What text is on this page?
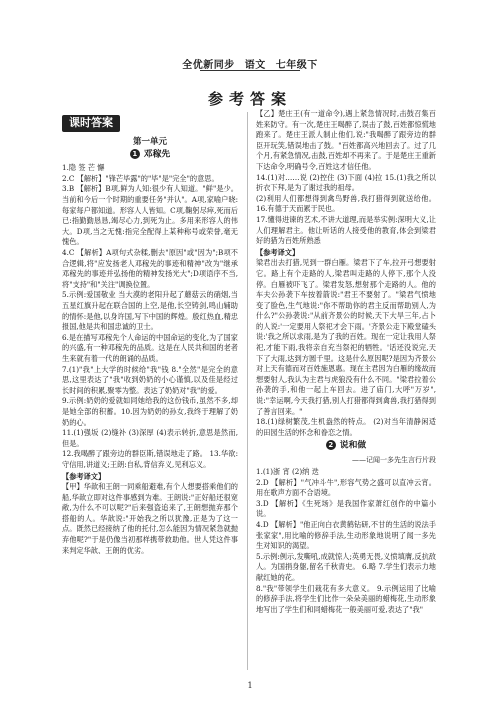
全优新同步 语文 七年级下
参考答案
课时答案
第一单元
1 邓稼先

1.隐 签 芒 懈

2.C 【解析】"锋芒毕露"的"毕"是"完全"的意思。

3.B 【解析】B项,鲜为人知:很少有人知道。"鲜"是少。当前和今后一个时期的重要任务"并认"。A项,家喻户晓:每家每户都知道。形容人人皆知。C项,鞠躬尽瘁,死而后已:指勤勤恳恳,竭尽心力,到死为止。多用来形容人的伟大。D项,当之无愧:指完全配得上某种称号或荣誉,毫无愧色。

4.C 【解析】A项句式杂糅,删去"原因"或"因为";B项不合逻辑,将"应发扬老人邓稼先的事迹和精神"改为"继承邓稼先的事迹并弘扬他的精神发扬光大";D项语序不当,将"支持"和"关注"调换位置。

5.示例:爱国敬业 当大漠的老阳升起了蘑菇云的硝烟,当五星红旗升起在联合国的上空,是他,长空铸剑,鸣山辅助的情怀:是他,以身许国,写下中国的辉煌。殷红热血,精忠报国,他是共和国忠诚的卫士。

6.是在描写邓稼先个人命运的中国命运的变化,为了国家的兴盛,有一种邓稼先的品质。这是在人民共和国的老者生来就有着一代的朗诵的品质。

7.(1)"我"上大学的时候给"我"钱 8."全然"是完全的意思,这里表达了"我"收到奶奶的小心谨慎,以及佳是经过长时间的积累,聚零为整。表达了奶奶对"我"的爱。

9.示例:奶奶的爱就如同她给我的这份钱币,虽然不多,却是她全部的积蓄。10.因为奶奶的孙女,我终于理解了奶奶的心。

11.(1)强坂 (2)缝补 (3)深厚 (4)表示转折,意思是然而,但是。

12.我喝醉了跟旁边的群臣斯,错误地走了路。 13.华欲:守信用,讲道义;王朗:自私,背信弃义,见利忘义。

【参考译文】

【甲】华歆和王朗一同乘船避难,有个人想要搭乘他们的船,华歆立即对这件事感到为难。王朗说:"正好船还很宽敞,为什么不可以呢?"后来强盗追来了,王朗想抛弃那个搭船的人。华歆说:"开始我之所以犹豫,正是为了这一点。既然已经接纳了他的托付,怎么能因为情况紧急就抛弃他呢?"于是仍像当初那样携带救助他。世人凭这件事来判定华歆、王朗的优劣。

【乙】楚庄王(有一道命令),遇上紧急情况时,击鼓召集百姓来防守。有一次,楚庄王喝醉了,误击了鼓,百姓都惊慌地跑来了。楚庄王派人制止他们,说:"我喝醉了跟旁边的群臣开玩笑,错误地击了鼓。"百姓都高兴地回去了。过了几个月,有紧急情况,击鼓,百姓却不再来了。于是楚庄王重新下达命令,明确号令,百姓这才信任他。

14.(1)对……说 (2)控住 (3)下面 (4)拉 15.(1)我之所以折衣下拜,是为了谢过我的祖母。

(2)利用人们都想得到禽鸟野兽,我打猎得到就送给他。16.有德于天而累于民也。

17.懂得进谏的艺术,不讲大道理,而是举实例:深明大义,让人们理解君主。他让听话的人接受他的教育,体会到梁君好的猎为百姓所熟悉

【参考译文】

梁君出去打猎,见到一群白雁。梁君下了车,拉开弓想要射它。路上有个走路的人,梁君叫走路的人停下,那个人没停。白雁被吓飞了。梁君发怒,想射那个走路的人。他的车夫公孙袭下车按着箭说:"君王不要射了。"梁君气愤地变了脸色,生气地说:"你不帮助你的君主反而帮助别人,为什么?"公孙袭说:"从前齐景公的时候,天下大旱三年,占卜的人说:'一定要用人祭祀才会下雨。'齐景公走下殿堂磕头说:'我之所以求雨,是为了我的百姓。现在一定让我用人祭祀,才能下雨,我将亲自充当祭祀的牺牲。'话还没说完,天下了大雨,达到方圆千里。这是什么原因呢?是因为齐景公对上天有德而对百姓施恩惠。现在主君因为白雁的缘故而想要射人,我认为主君与虎狼没有什么不同。"梁君拉着公孙袭的手,和他一起上车回去。进了庙门,大呼"万岁",说:"幸运啊,今天我打猎,别人打猎都得到禽兽,我打猎得到了善言回来。"

18.(1)绿树繁茂,生机盎然的特点。 (2)对当年清静闲适的田园生活的怀念和眷恋之情。

2 说和做
——记闻一多先生言行片段

1.(1)浙 宵 (2)纳 迭

2.D 【解析】"气冲斗牛",形容气势之盛可以直冲云宵。用在歌声方面不合语境。

3.D 【解析】《生死场》是我国作家萧红创作的中篇小说。

4.D 【解析】"他正向白衣黄鹤钻研,不甘的生活的说法手张家家",用比喻的修辞手法,生动形象地说明了闻一多先生对知识的渴望。

5.示例:例示,发嘶吼,成就惊人;英勇无畏,义愤填膺,反抗敌人。为国捐身躯,留名千秋青史。 6.略 7.学生们表示力地献红她的花。

8."我"带领学生们栽花有多大意义。 9.示例运用了比喻的修辞手法,将学生们比作一朵朵美丽的蜡梅花,生动形象地写出了学生们和同蜡梅花一般美丽可爱,表达了"我"

1
